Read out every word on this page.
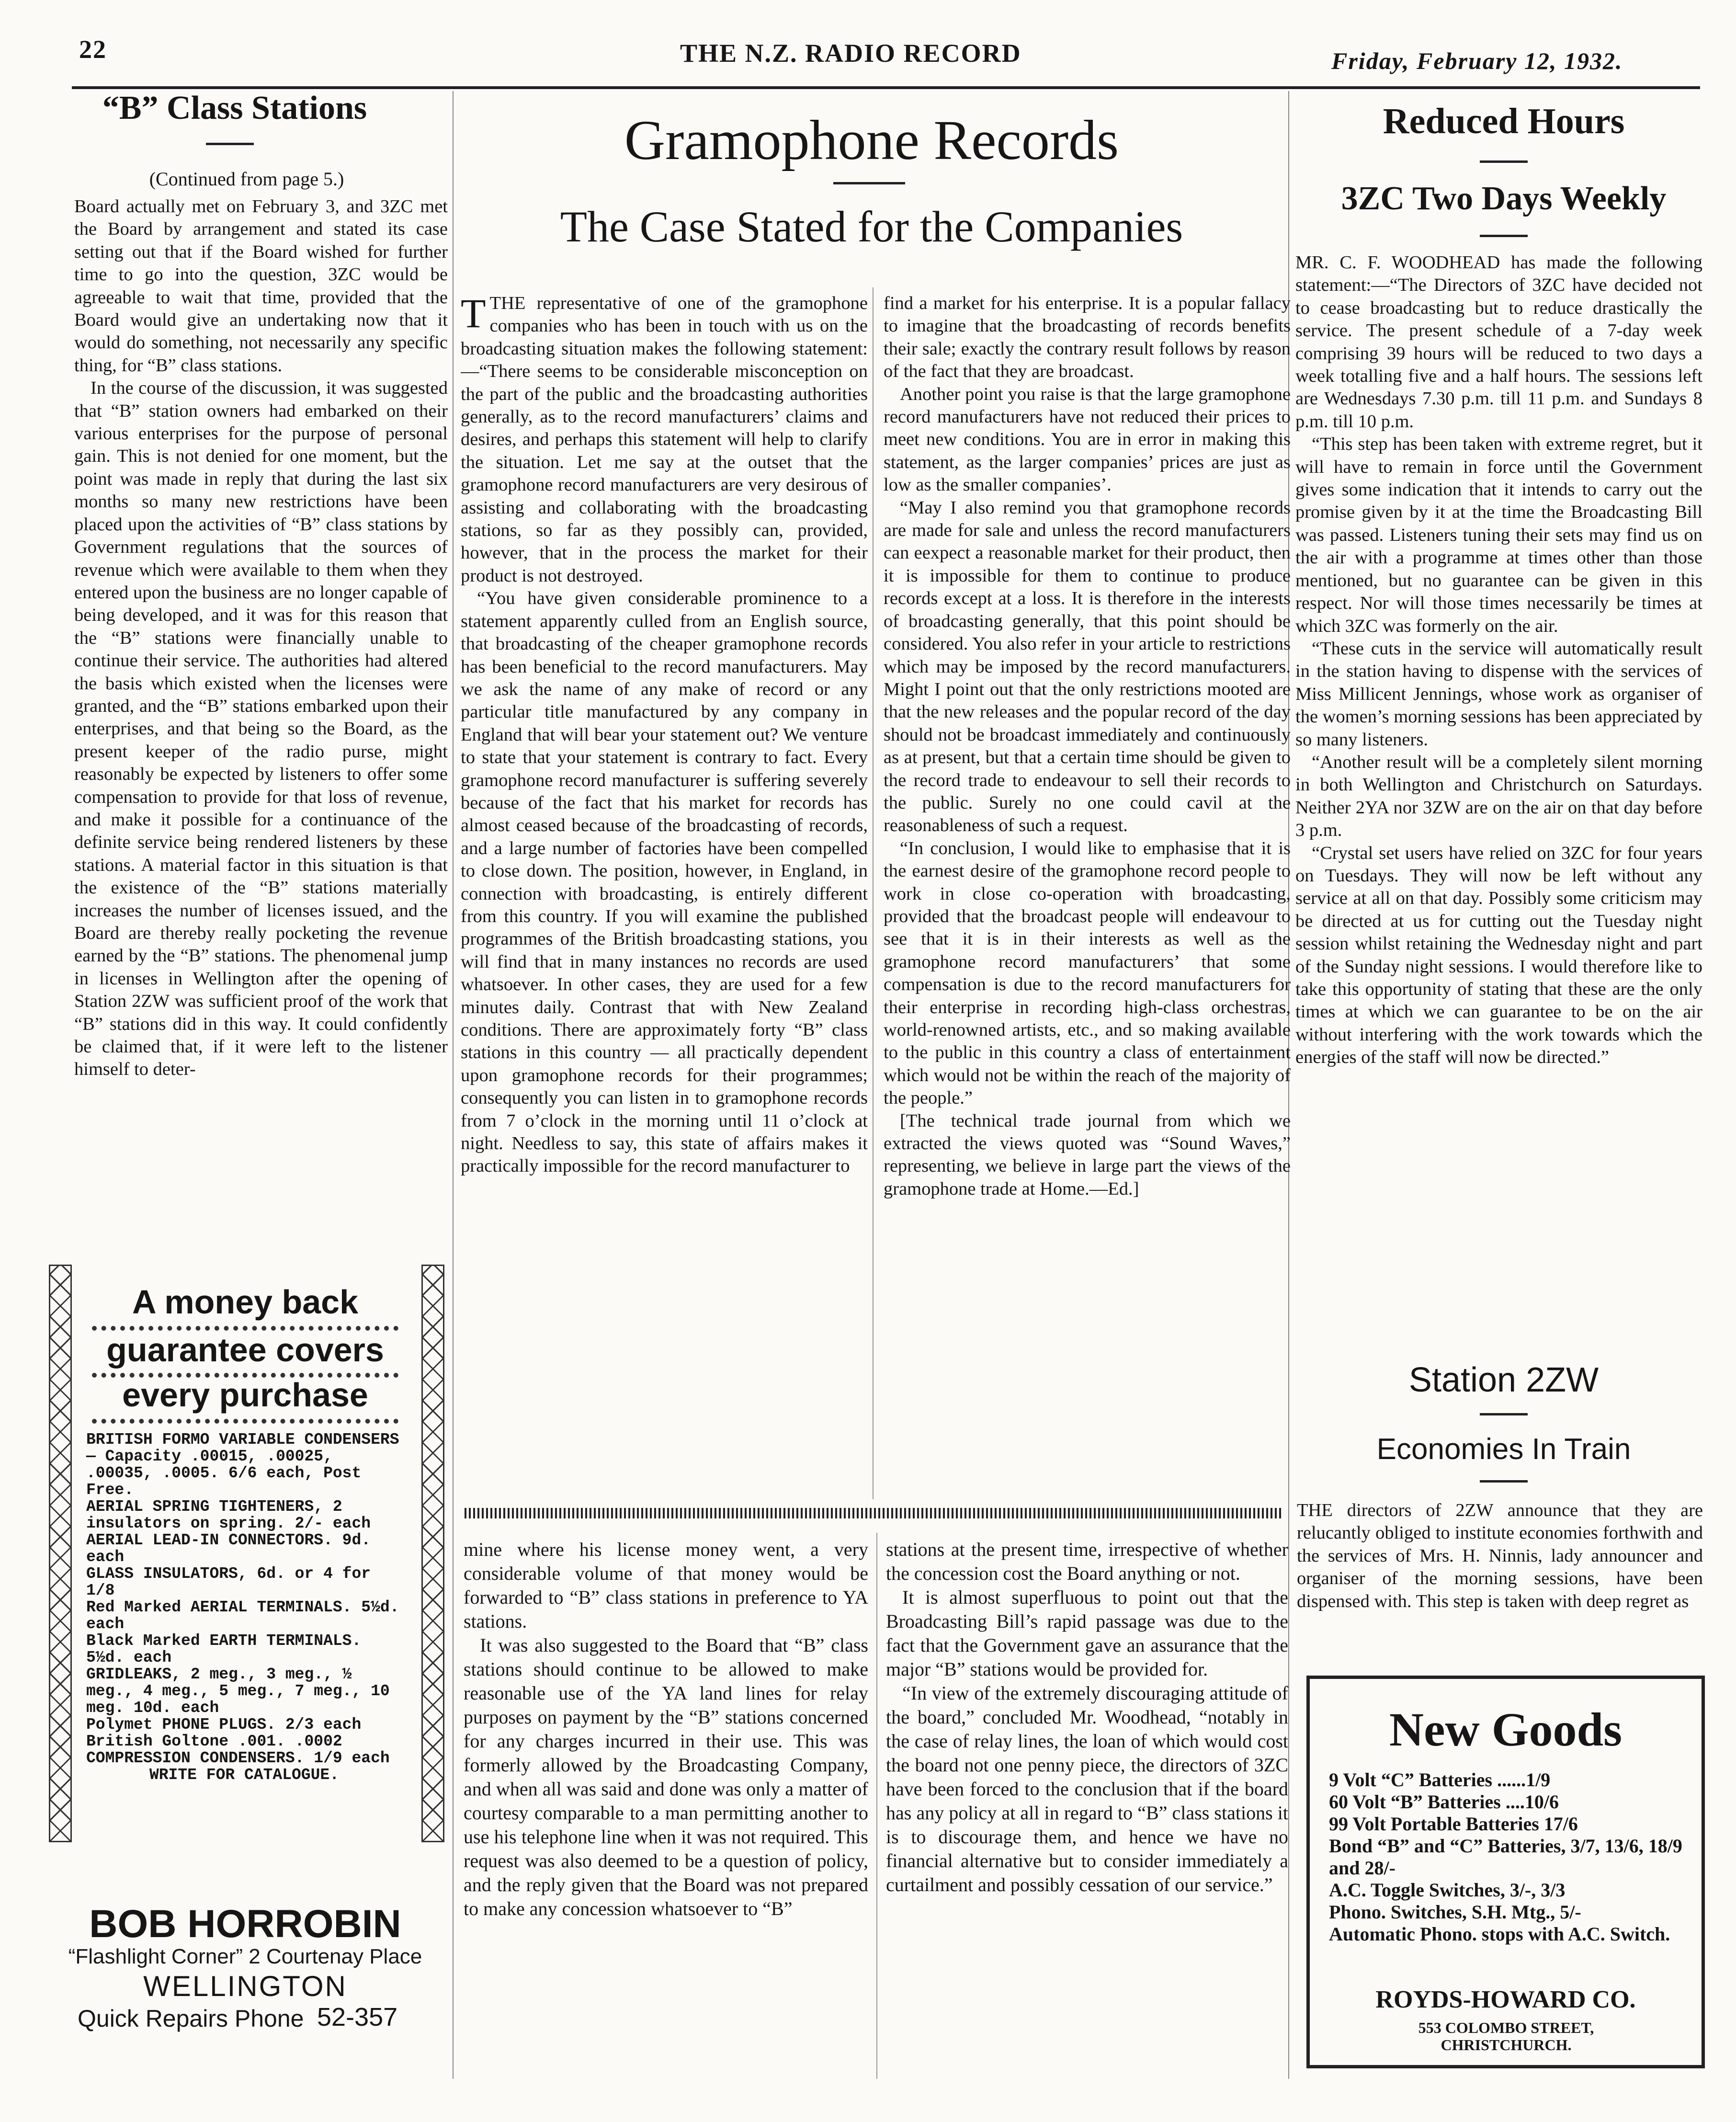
22	THE N.Z. RADIO RECORD	Friday, February 12, 1932.
“B” Class Stations
(Continued from page 5.)

Board actually met on February 3, and 3ZC met the Board by arrangement and stated its case setting out that if the Board wished for further time to go into the question, 3ZC would be agreeable to wait that time, provided that the Board would give an undertaking now that it would do something, not necessarily any specific thing, for “B” class stations.

In the course of the discussion, it was suggested that “B” station owners had embarked on their various enterprises for the purpose of personal gain. This is not denied for one moment, but the point was made in reply that during the last six months so many new restrictions have been placed upon the activities of “B” class stations by Government regulations that the sources of revenue which were available to them when they entered upon the business are no longer capable of being developed, and it was for this reason that the “B” stations were financially unable to continue their service. The authorities had altered the basis which existed when the licenses were granted, and the “B” stations embarked upon their enterprises, and that being so the Board, as the present keeper of the radio purse, might reasonably be expected by listeners to offer some compensation to provide for that loss of revenue, and make it possible for a continuance of the definite service being rendered listeners by these stations. A material factor in this situation is that the existence of the “B” stations materially increases the number of licenses issued, and the Board are thereby really pocketing the revenue earned by the “B” stations. The phenomenal jump in licenses in Wellington after the opening of Station 2ZW was sufficient proof of the work that “B” stations did in this way. It could confidently be claimed that, if it were left to the listener himself to deter-

A money back
guarantee covers
every purchase

BRITISH FORMO VARIABLE CONDENSERS— Capacity .00015, .00025, .00035, .0005. 6/6 each, Post Free.

AERIAL SPRING TIGHTENERS, 2 insulators on spring. 2/- each

AERIAL LEAD-IN CONNECTORS. 9d. each

GLASS INSULATORS, 6d. or 4 for 1/8

Red Marked AERIAL TERMINALS. 5½d. each

Black Marked EARTH TERMINALS. 5½d. each

GRIDLEAKS, 2 meg., 3 meg., ½ meg., 4 meg., 5 meg., 7 meg., 10 meg. 10d. each

Polymet PHONE PLUGS. 2/3 each

British Goltone .001. .0002 COMPRESSION CONDENSERS. 1/9 each

WRITE FOR CATALOGUE.

BOB HORROBIN
“Flashlight Corner” 2 Courtenay Place
WELLINGTON
Quick Repairs Phone 52-357
Gramophone Records
The Case Stated for the Companies

TTHE representative of one of the gramophone companies who has been in touch with us on the broadcasting situation makes the following statement:—“There seems to be considerable misconception on the part of the public and the broadcasting authorities generally, as to the record manufacturers’ claims and desires, and perhaps this statement will help to clarify the situation. Let me say at the outset that the gramophone record manufacturers are very desirous of assisting and collaborating with the broadcasting stations, so far as they possibly can, provided, however, that in the process the market for their product is not destroyed.

“You have given considerable prominence to a statement apparently culled from an English source, that broadcasting of the cheaper gramophone records has been beneficial to the record manufacturers. May we ask the name of any make of record or any particular title manufactured by any company in England that will bear your statement out? We venture to state that your statement is contrary to fact. Every gramophone record manufacturer is suffering severely because of the fact that his market for records has almost ceased because of the broadcasting of records, and a large number of factories have been compelled to close down. The position, however, in England, in connection with broadcasting, is entirely different from this country. If you will examine the published programmes of the British broadcasting stations, you will find that in many instances no records are used whatsoever. In other cases, they are used for a few minutes daily. Contrast that with New Zealand conditions. There are approximately forty “B” class stations in this country — all practically dependent upon gramophone records for their programmes; consequently you can listen in to gramophone records from 7 o’clock in the morning until 11 o’clock at night. Needless to say, this state of affairs makes it practically impossible for the record manufacturer to

find a market for his enterprise. It is a popular fallacy to imagine that the broadcasting of records benefits their sale; exactly the contrary result follows by reason of the fact that they are broadcast.

Another point you raise is that the large gramophone record manufacturers have not reduced their prices to meet new conditions. You are in error in making this statement, as the larger companies’ prices are just as low as the smaller companies’.

“May I also remind you that gramophone records are made for sale and unless the record manufacturers can eexpect a reasonable market for their product, then it is impossible for them to continue to produce records except at a loss. It is therefore in the interests of broadcasting generally, that this point should be considered. You also refer in your article to restrictions which may be imposed by the record manufacturers. Might I point out that the only restrictions mooted are that the new releases and the popular record of the day should not be broadcast immediately and continuously as at present, but that a certain time should be given to the record trade to endeavour to sell their records to the public. Surely no one could cavil at the reasonableness of such a request.

“In conclusion, I would like to emphasise that it is the earnest desire of the gramophone record people to work in close co-operation with broadcasting, provided that the broadcast people will endeavour to see that it is in their interests as well as the gramophone record manufacturers’ that some compensation is due to the record manufacturers for their enterprise in recording high-class orchestras, world-renowned artists, etc., and so making available to the public in this country a class of entertainment which would not be within the reach of the majority of the people.”

[The technical trade journal from which we extracted the views quoted was “Sound Waves,” representing, we believe in large part the views of the gramophone trade at Home.—Ed.]

mine where his license money went, a very considerable volume of that money would be forwarded to “B” class stations in preference to YA stations.

It was also suggested to the Board that “B” class stations should continue to be allowed to make reasonable use of the YA land lines for relay purposes on payment by the “B” stations concerned for any charges incurred in their use. This was formerly allowed by the Broadcasting Company, and when all was said and done was only a matter of courtesy comparable to a man permitting another to use his telephone line when it was not required. This request was also deemed to be a question of policy, and the reply given that the Board was not prepared to make any concession whatsoever to “B”

stations at the present time, irrespective of whether the concession cost the Board anything or not.

It is almost superfluous to point out that the Broadcasting Bill’s rapid passage was due to the fact that the Government gave an assurance that the major “B” stations would be provided for.

“In view of the extremely discouraging attitude of the board,” concluded Mr. Woodhead, “notably in the case of relay lines, the loan of which would cost the board not one penny piece, the directors of 3ZC have been forced to the conclusion that if the board has any policy at all in regard to “B” class stations it is to discourage them, and hence we have no financial alternative but to consider immediately a curtailment and possibly cessation of our service.”

Reduced Hours
3ZC Two Days Weekly

MR. C. F. WOODHEAD has made the following statement:—“The Directors of 3ZC have decided not to cease broadcasting but to reduce drastically the service. The present schedule of a 7-day week comprising 39 hours will be reduced to two days a week totalling five and a half hours. The sessions left are Wednesdays 7.30 p.m. till 11 p.m. and Sundays 8 p.m. till 10 p.m.

“This step has been taken with extreme regret, but it will have to remain in force until the Government gives some indication that it intends to carry out the promise given by it at the time the Broadcasting Bill was passed. Listeners tuning their sets may find us on the air with a programme at times other than those mentioned, but no guarantee can be given in this respect. Nor will those times necessarily be times at which 3ZC was formerly on the air.

“These cuts in the service will automatically result in the station having to dispense with the services of Miss Millicent Jennings, whose work as organiser of the women’s morning sessions has been appreciated by so many listeners.

“Another result will be a completely silent morning in both Wellington and Christchurch on Saturdays. Neither 2YA nor 3ZW are on the air on that day before 3 p.m.

“Crystal set users have relied on 3ZC for four years on Tuesdays. They will now be left without any service at all on that day. Possibly some criticism may be directed at us for cutting out the Tuesday night session whilst retaining the Wednesday night and part of the Sunday night sessions. I would therefore like to take this opportunity of stating that these are the only times at which we can guarantee to be on the air without interfering with the work towards which the energies of the staff will now be directed.”

Station 2ZW
Economies In Train

THE directors of 2ZW announce that they are relucantly obliged to institute economies forthwith and the services of Mrs. H. Ninnis, lady announcer and organiser of the morning sessions, have been dispensed with. This step is taken with deep regret as

New Goods
9 Volt “C” Batteries ......1/9
60 Volt “B” Batteries ....10/6
99 Volt Portable Batteries 17/6
Bond “B” and “C” Batteries, 3/7, 13/6, 18/9 and 28/-
A.C. Toggle Switches, 3/-, 3/3
Phono. Switches, S.H. Mtg., 5/-
Automatic Phono. stops with A.C. Switch.
ROYDS-HOWARD CO.
553 COLOMBO STREET, CHRISTCHURCH.
